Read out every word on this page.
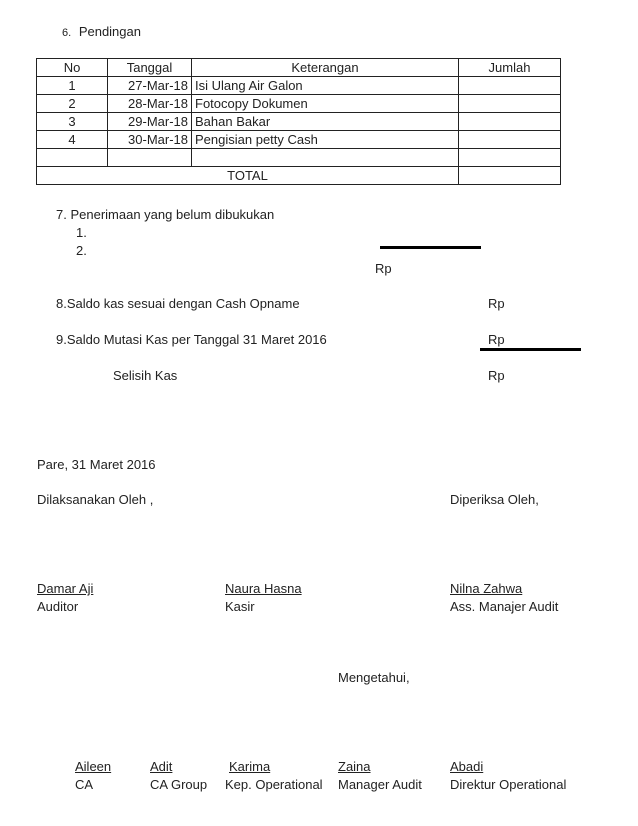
6. Pendingan
No	Tanggal	Keterangan	Jumlah
1	27-Mar-18	Isi Ulang Air Galon	
2	28-Mar-18	Fotocopy Dokumen	
3	29-Mar-18	Bahan Bakar	
4	30-Mar-18	Pengisian petty Cash	

TOTAL			
7. Penerimaan yang belum dibukukan
1.
2.
Rp
8.Saldo kas sesuai dengan Cash Opname	Rp
9.Saldo Mutasi Kas per Tanggal 31 Maret 2016	Rp
Selisih Kas	Rp
Pare, 31 Maret 2016
Dilaksanakan Oleh ,	Diperiksa Oleh,
Damar Aji
Auditor
Naura Hasna
Kasir
Nilna Zahwa
Ass. Manajer Audit
Mengetahui,
Aileen
CA
Adit
CA Group
Karima
Kep. Operational
Zaina
Manager Audit
Abadi
Direktur Operational
